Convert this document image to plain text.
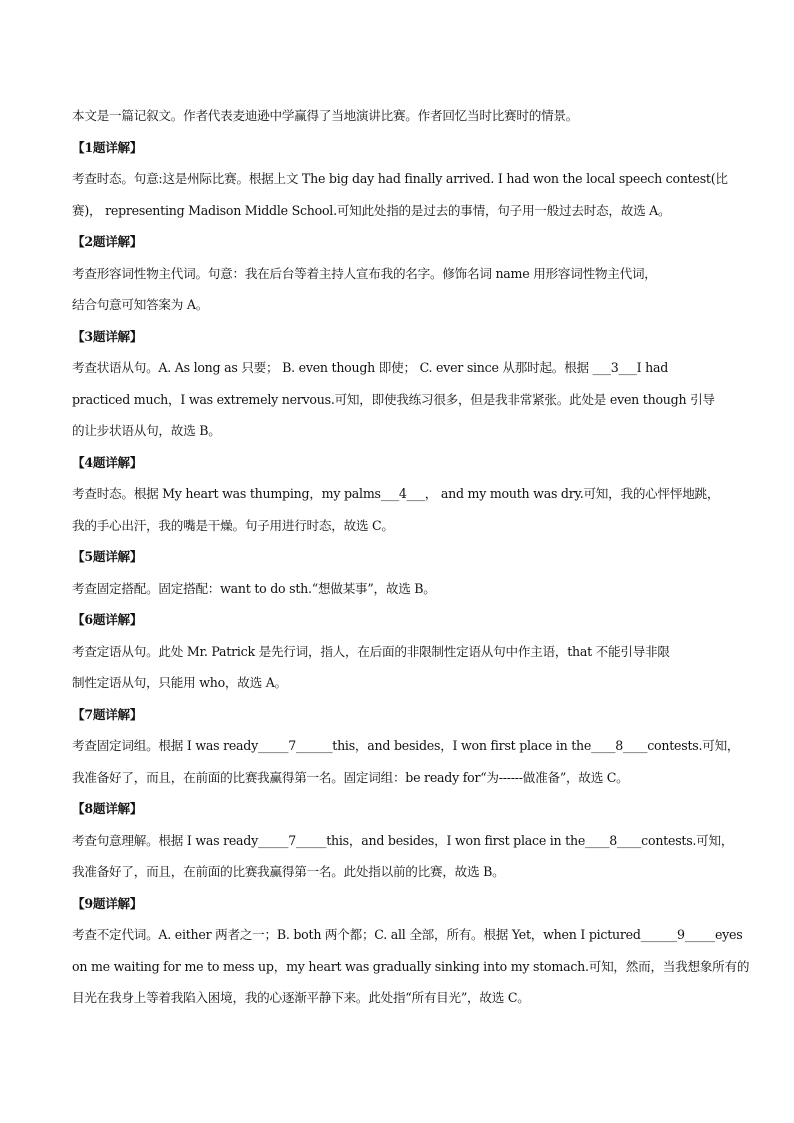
本文是一篇记叙文。作者代表麦迪逊中学赢得了当地演讲比赛。作者回忆当时比赛时的情景。
【1题详解】
考查时态。句意:这是州际比赛。根据上文 The big day had finally arrived. I had won the local speech contest(比
赛)， representing Madison Middle School.可知此处指的是过去的事情，句子用一般过去时态，故选 A。
【2题详解】
考查形容词性物主代词。句意：我在后台等着主持人宣布我的名字。修饰名词 name 用形容词性物主代词，
结合句意可知答案为 A。
【3题详解】
考查状语从句。A. As long as 只要； B. even though 即使； C. ever since 从那时起。根据 ___3___I had
practiced much，I was extremely nervous.可知，即使我练习很多，但是我非常紧张。此处是 even though 引导
的让步状语从句，故选 B。
【4题详解】
考查时态。根据 My heart was thumping，my palms___4___， and my mouth was dry.可知，我的心怦怦地跳，
我的手心出汗，我的嘴是干燥。句子用进行时态，故选 C。
【5题详解】
考查固定搭配。固定搭配：want to do sth.“想做某事”，故选 B。
【6题详解】
考查定语从句。此处 Mr. Patrick 是先行词，指人，在后面的非限制性定语从句中作主语，that 不能引导非限
制性定语从句，只能用 who，故选 A。
【7题详解】
考查固定词组。根据 I was ready_____7______this，and besides，I won first place in the____8____contests.可知，
我准备好了，而且，在前面的比赛我赢得第一名。固定词组：be ready for“为------做准备”，故选 C。
【8题详解】
考查句意理解。根据 I was ready_____7_____this，and besides，I won first place in the____8____contests.可知，
我准备好了，而且，在前面的比赛我赢得第一名。此处指以前的比赛，故选 B。
【9题详解】
考查不定代词。A. either 两者之一；B. both 两个都；C. all 全部，所有。根据 Yet，when I pictured______9_____eyes
on me waiting for me to mess up，my heart was gradually sinking into my stomach.可知，然而，当我想象所有的
目光在我身上等着我陷入困境，我的心逐渐平静下来。此处指“所有目光”，故选 C。
